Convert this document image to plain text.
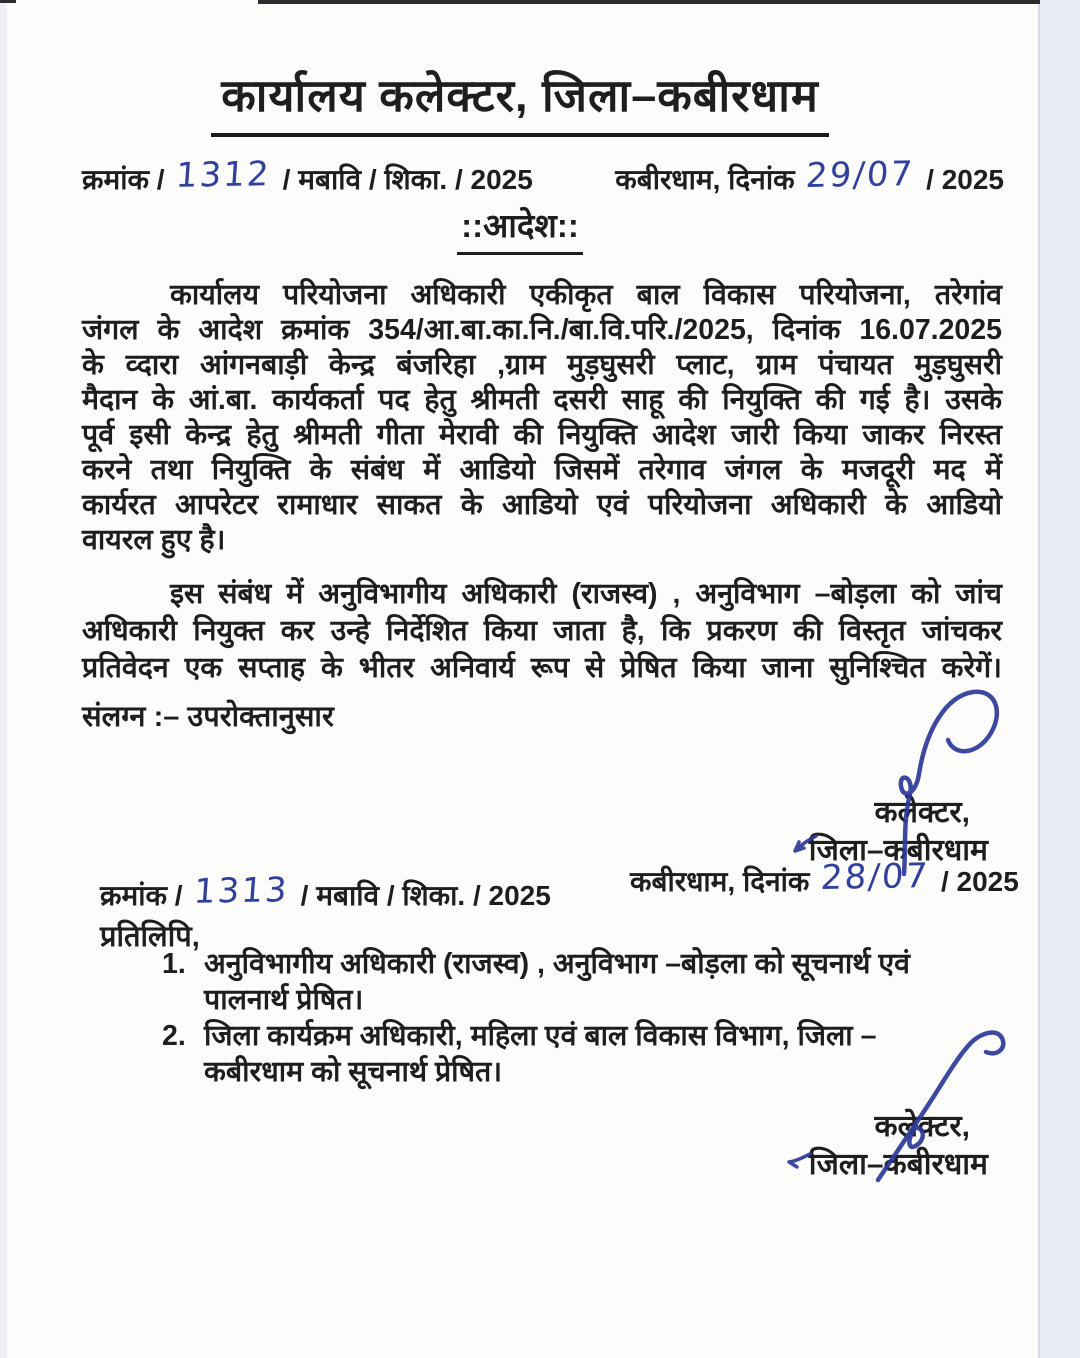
कार्यालय कलेक्टर, जिला–कबीरधाम
क्रमांक / 1312 / मबावि / शिका. / 2025	कबीरधाम, दिनांक 29/07 / 2025
::आदेश::
कार्यालय परियोजना अधिकारी एकीकृत बाल विकास परियोजना, तरेगांव
जंगल के आदेश क्रमांक 354/आ.बा.का.नि./बा.वि.परि./2025, दिनांक 16.07.2025
के व्दारा आंगनबाड़ी केन्द्र बंजरिहा ,ग्राम मुड़घुसरी प्लाट, ग्राम पंचायत मुड़घुसरी
मैदान के आं.बा. कार्यकर्ता पद हेतु श्रीमती दसरी साहू की नियुक्ति की गई है। उसके
पूर्व इसी केन्द्र हेतु श्रीमती गीता मेरावी की नियुक्ति आदेश जारी किया जाकर निरस्त
करने तथा नियुक्ति के संबंध में आडियो जिसमें तरेगाव जंगल के मजदूरी मद में
कार्यरत आपरेटर रामाधार साकत के आडियो एवं परियोजना अधिकारी के आडियो
वायरल हुए है।
इस संबंध में अनुविभागीय अधिकारी (राजस्व) , अनुविभाग –बोड़ला को जांच
अधिकारी नियुक्त कर उन्हे निर्देशित किया जाता है, कि प्रकरण की विस्तृत जांचकर
प्रतिवेदन एक सप्ताह के भीतर अनिवार्य रूप से प्रेषित किया जाना सुनिश्चित करेगें।
संलग्न :– उपरोक्तानुसार
कलेक्टर,
जिला–कबीरधाम
कबीरधाम, दिनांक 28/07 / 2025
क्रमांक / 1313 / मबावि / शिका. / 2025
प्रतिलिपि,
1. अनुविभागीय अधिकारी (राजस्व) , अनुविभाग –बोड़ला को सूचनार्थ एवं
पालनार्थ प्रेषित।
2. जिला कार्यक्रम अधिकारी, महिला एवं बाल विकास विभाग, जिला –
कबीरधाम को सूचनार्थ प्रेषित।
कलेक्टर,
जिला–कबीरधाम
